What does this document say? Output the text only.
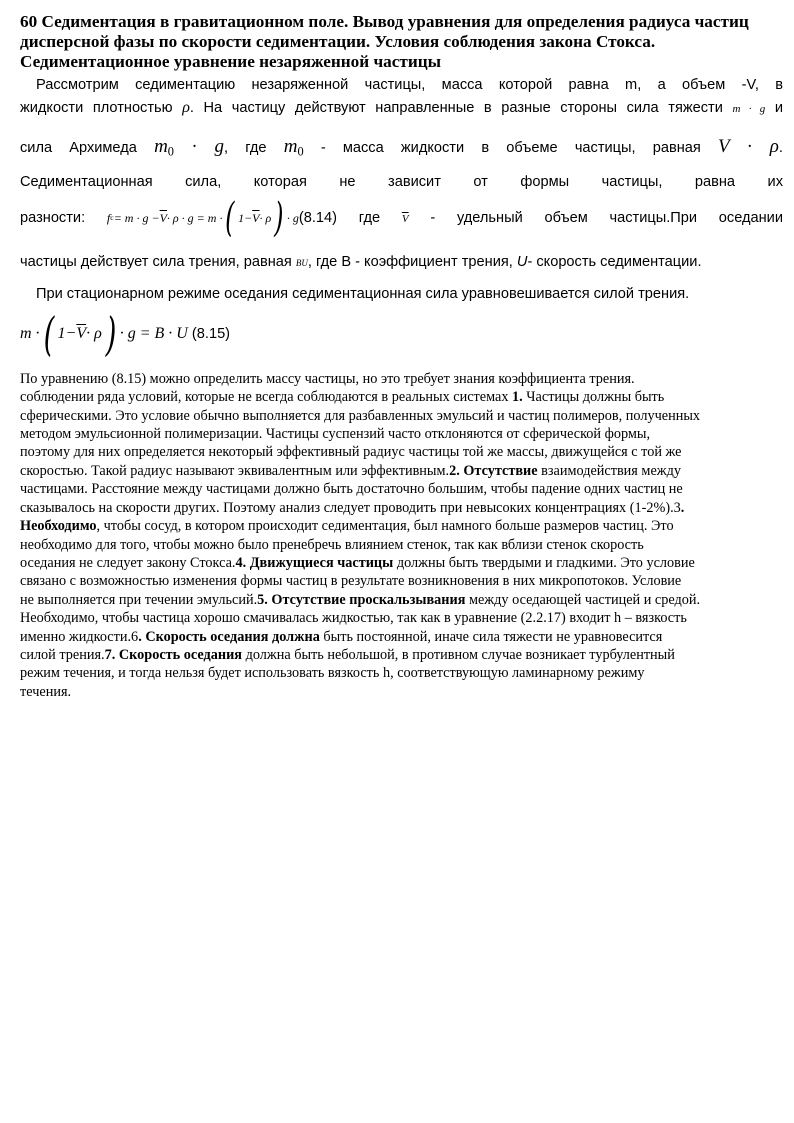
60 Седиментация в гравитационном поле. Вывод уравнения для определения радиуса частиц
дисперсной фазы по скорости седиментации. Условия соблюдения закона Стокса.
Седиментационное уравнение незаряженной частицы

Рассмотрим седиментацию незаряженной частицы, масса которой равна m, а объем -V, в

жидкости плотностью ρ. На частицу действуют направленные в разные стороны сила тяжести m · g и

сила Архимеда $m_0 \cdot g$, где $m_0$ - масса жидкости в объеме частицы, равная V · ρ.

Седиментационная сила, которая не зависит от формы частицы, равна их

разности: f $c = m \cdot g - \overline{V} \cdot \rho \cdot g = m$ · ( $1- \overline{V} \cdot \rho$ ) · g (8.14) где $\overline{V}$ - удельный объем частицы.При оседании

частицы действует сила трения, равная BU, где B - коэффициент трения, U- скорость седиментации.

При стационарном режиме оседания седиментационная сила уравновешивается силой трения.

m · ( $1- \overline{V} \cdot \rho$ ) · g = B · U (8.15)

По уравнению (8.15) можно определить массу частицы, но это требует знания коэффициента трения.
соблюдении ряда условий, которые не всегда соблюдаются в реальных системах 1. Частицы должны быть
сферическими. Это условие обычно выполняется для разбавленных эмульсий и частиц полимеров, полученных
методом эмульсионной полимеризации. Частицы суспензий часто отклоняются от сферической формы,
поэтому для них определяется некоторый эффективный радиус частицы той же массы, движущейся с той же
скоростью. Такой радиус называют эквивалентным или эффективным.2. Отсутствие взаимодействия между
частицами. Расстояние между частицами должно быть достаточно большим, чтобы падение одних частиц не
сказывалось на скорости других. Поэтому анализ следует проводить при невысоких концентрациях (1-2%).3.
Необходимо, чтобы сосуд, в котором происходит седиментация, был намного больше размеров частиц. Это
необходимо для того, чтобы можно было пренебречь влиянием стенок, так как вблизи стенок скорость
оседания не следует закону Стокса.4. Движущиеся частицы должны быть твердыми и гладкими. Это условие
связано с возможностью изменения формы частиц в результате возникновения в них микропотоков. Условие
не выполняется при течении эмульсий.5. Отсутствие проскальзывания между оседающей частицей и средой.
Необходимо, чтобы частица хорошо смачивалась жидкостью, так как в уравнение (2.2.17) входит h – вязкость
именно жидкости.6. Скорость оседания должна быть постоянной, иначе сила тяжести не уравновесится
силой трения.7. Скорость оседания должна быть небольшой, в противном случае возникает турбулентный
режим течения, и тогда нельзя будет использовать вязкость h, соответствующую ламинарному режиму
течения.
